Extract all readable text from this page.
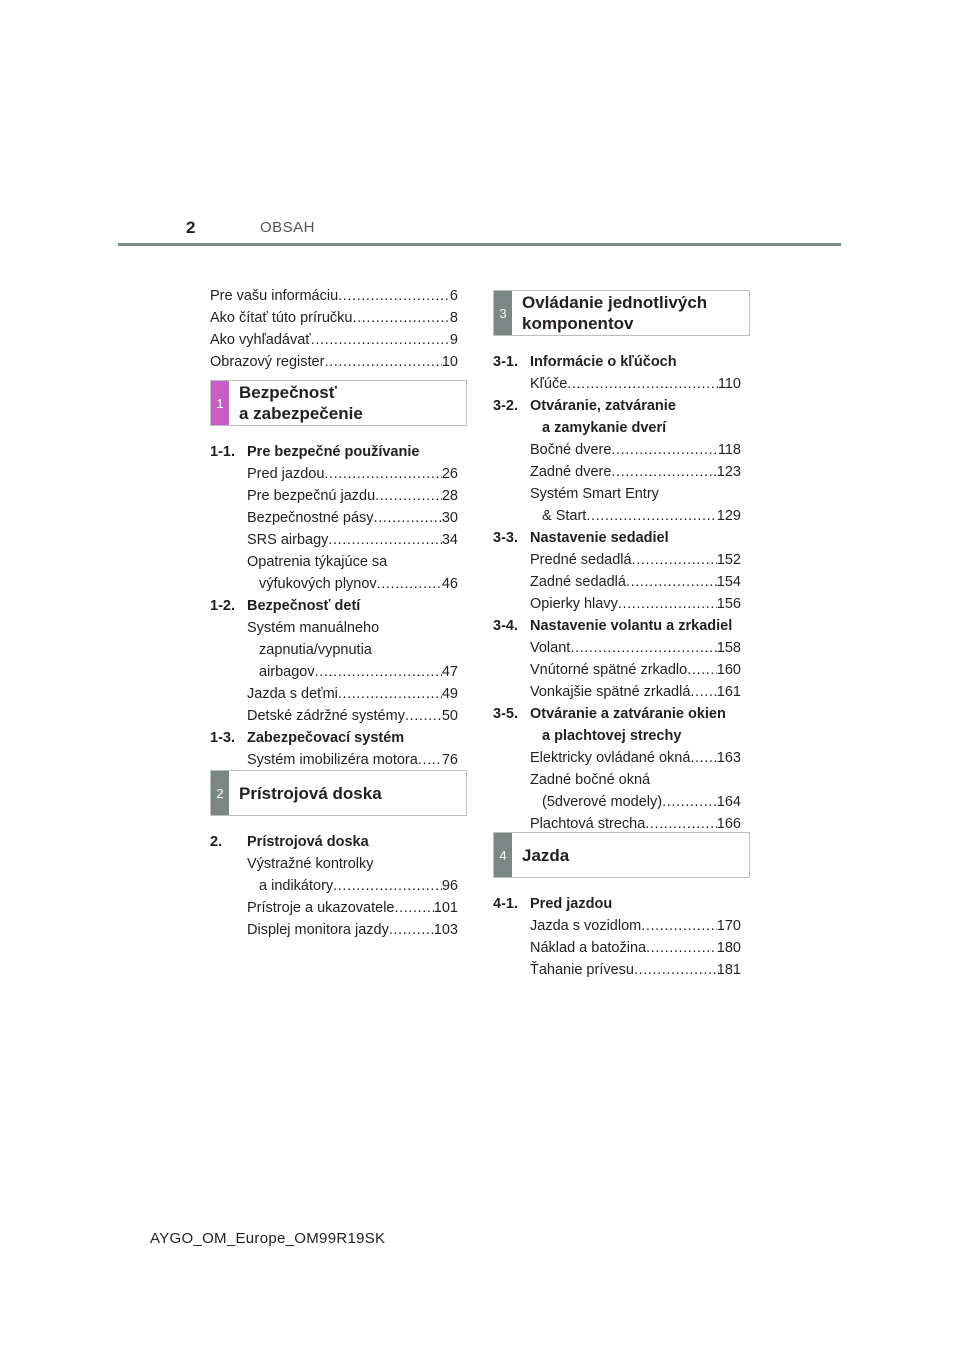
2	OBSAH
Pre vašu informáciu .....	6
Ako čítať túto príručku .....	8
Ako vyhľadávať .....	9
Obrazový register .....	10
1
Bezpečnosť
a zabezpečenie
1-1. Pre bezpečné používanie
Pred jazdou .....	26
Pre bezpečnú jazdu .....	28
Bezpečnostné pásy .....	30
SRS airbagy .....	34
Opatrenia týkajúce sa
výfukových plynov .....	46
1-2. Bezpečnosť detí
Systém manuálneho
zapnutia/vypnutia
airbagov .....	47
Jazda s deťmi .....	49
Detské zádržné systémy .....	50
1-3. Zabezpečovací systém
Systém imobilizéra motora ..... 76
2 Prístrojová doska
2.	Prístrojová doska
Výstražné kontrolky
a indikátory .....	96
Prístroje a ukazovatele .....	101
Displej monitora jazdy .....	103
3
Ovládanie jednotlivých
komponentov
3-1. Informácie o kľúčoch
Kľúče .....	110
3-2. Otváranie, zatváranie
a zamykanie dverí
Bočné dvere .....	118
Zadné dvere .....	123
Systém Smart Entry
& Start .....	129
3-3. Nastavenie sedadiel
Predné sedadlá .....	152
Zadné sedadlá .....	154
Opierky hlavy .....	156
3-4. Nastavenie volantu a zrkadiel
Volant .....	158
Vnútorné spätné zrkadlo ..... 160
Vonkajšie spätné zrkadlá ..... 161
3-5. Otváranie a zatváranie okien
a plachtovej strechy
Elektricky ovládané okná ..... 163
Zadné bočné okná
(5dverové modely) .....	164
Plachtová strecha .....	166
4 Jazda
4-1. Pred jazdou
Jazda s vozidlom .....	170
Náklad a batožina .....	180
Ťahanie prívesu .....	181
AYGO_OM_Europe_OM99R19SK
